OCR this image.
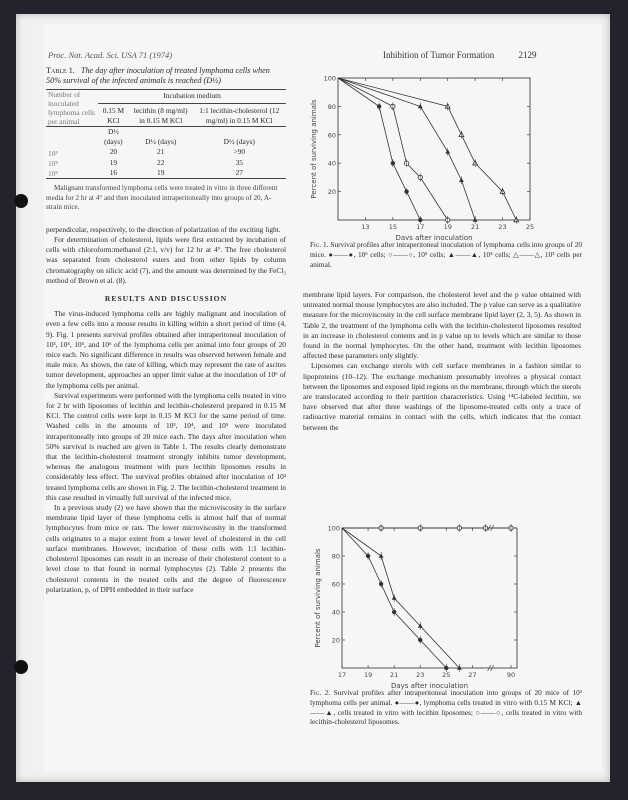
Proc. Nat. Acad. Sci. USA 71 (1974)	Inhibition of Tumor Formation	2129
Table 1. The day after inoculation of treated lymphoma cells when 50% survival of the infected animals is reached (D½)
Number of inoculated lymphoma cells per animal	Incubation medium		
	0.15 M KCl	lecithin (8 mg/ml) in 0.15 M KCl	1:1 lecithin-cholesterol (12 mg/ml) in 0.15 M KCl
	D½ (days)	D½ (days)	D½ (days)
10³	20	21	>90
10⁴	19	22	35
10⁵	16	19	27
Malignant transformed lymphoma cells were treated in vitro in three different media for 2 hr at 4° and then inoculated intraperitoneally into groups of 20, A-strain mice.

perpendicular, respectively, to the direction of polarization of the exciting light.

For determination of cholesterol, lipids were first extracted by incubation of cells with chloroform:methanol (2:1, v/v) for 12 hr at 4°. The free cholesterol was separated from cholesterol esters and from other lipids by column chromatography on silicic acid (7), and the amount was determined by the FeCl₃ method of Brown et al. (8).

RESULTS AND DISCUSSION

The virus-induced lymphoma cells are highly malignant and inoculation of even a few cells into a mouse results in killing within a short period of time (4, 9). Fig. 1 presents survival profiles obtained after intraperitoneal inoculation of 10³, 10⁴, 10⁵, and 10⁶ of the lymphoma cells per animal into four groups of 20 mice each. No significant difference in results was observed between female and male mice. As shown, the rate of killing, which may represent the rate of ascites tumor development, approaches an upper limit value at the inoculation of 10⁶ of the lymphoma cells per animal.

Survival experiments were performed with the lymphoma cells treated in vitro for 2 hr with liposomes of lecithin and lecithin-cholesterol prepared in 0.15 M KCl. The control cells were kept in 0.15 M KCl for the same period of time. Washed cells in the amounts of 10³, 10⁴, and 10⁵ were inoculated intraperitoneally into groups of 20 mice each. The days after inoculation when 50% survival is reached are given in Table 1. The results clearly demonstrate that the lecithin-cholesterol treatment strongly inhibits tumor development, whereas the analogous treatment with pure lecithin liposomes results in considerably less effect. The survival profiles obtained after inoculation of 10³ treated lymphoma cells are shown in Fig. 2. The lecithin-cholesterol treatment in this case resulted in virtually full survival of the infected mice.

In a previous study (2) we have shown that the microviscosity in the surface membrane lipid layer of these lymphoma cells is almost half that of normal lymphocytes from mice or rats. The lower microviscosity in the transformed cells originates to a major extent from a lower level of cholesterol in the cell surface membranes. However, incubation of these cells with 1:1 lecithin-cholesterol liposomes can result in an increase of their cholesterol content to a level close to that found in normal lymphocytes (2). Table 2 presents the cholesterol contents in the treated cells and the degree of fluorescence polarization, p, of DPH embedded in their surface

20
40
60
80
100
13	15	17	19	21	23	25
Days after inoculation
Percent of surviving animals
Fig. 1. Survival profiles after intraperitoneal inoculation of lymphoma cells into groups of 20 mice. ●——●, 10⁶ cells; ○——○, 10⁵ cells; ▲——▲, 10⁴ cells; △——△, 10³ cells per animal.

membrane lipid layers. For comparison, the cholesterol level and the p value obtained with untreated normal mouse lymphocytes are also included. The p value can serve as a qualitative measure for the microviscosity in the cell surface membrane lipid layer (2, 3, 5). As shown in Table 2, the treatment of the lymphoma cells with the lecithin-cholesterol liposomes resulted in an increase in cholesterol contents and in p value up to levels which are similar to those found in the normal lymphocytes. On the other hand, treatment with lecithin liposomes affected these parameters only slightly.

Liposomes can exchange sterols with cell surface membranes in a fashion similar to lipoproteins (10–12). The exchange mechanism presumably involves a physical contact between the liposomes and exposed lipid regions on the membrane, through which the sterols are translocated according to their partition characteristics. Using ¹⁴C-labeled lecithin, we have observed that after three washings of the liposome-treated cells only a trace of radioactive material remains in contact with the cells, which indicates that the contact between the

20
40
60
80
100
17	19	21	23	25	27	90
Days after inoculation
Percent of surviving animals
Fig. 2. Survival profiles after intraperitoneal inoculation into groups of 20 mice of 10³ lymphoma cells per animal. ●——●, lymphoma cells treated in vitro with 0.15 M KCl; ▲——▲, cells treated in vitro with lecithin liposomes; ○——○, cells treated in vitro with lecithin-cholesterol liposomes.
